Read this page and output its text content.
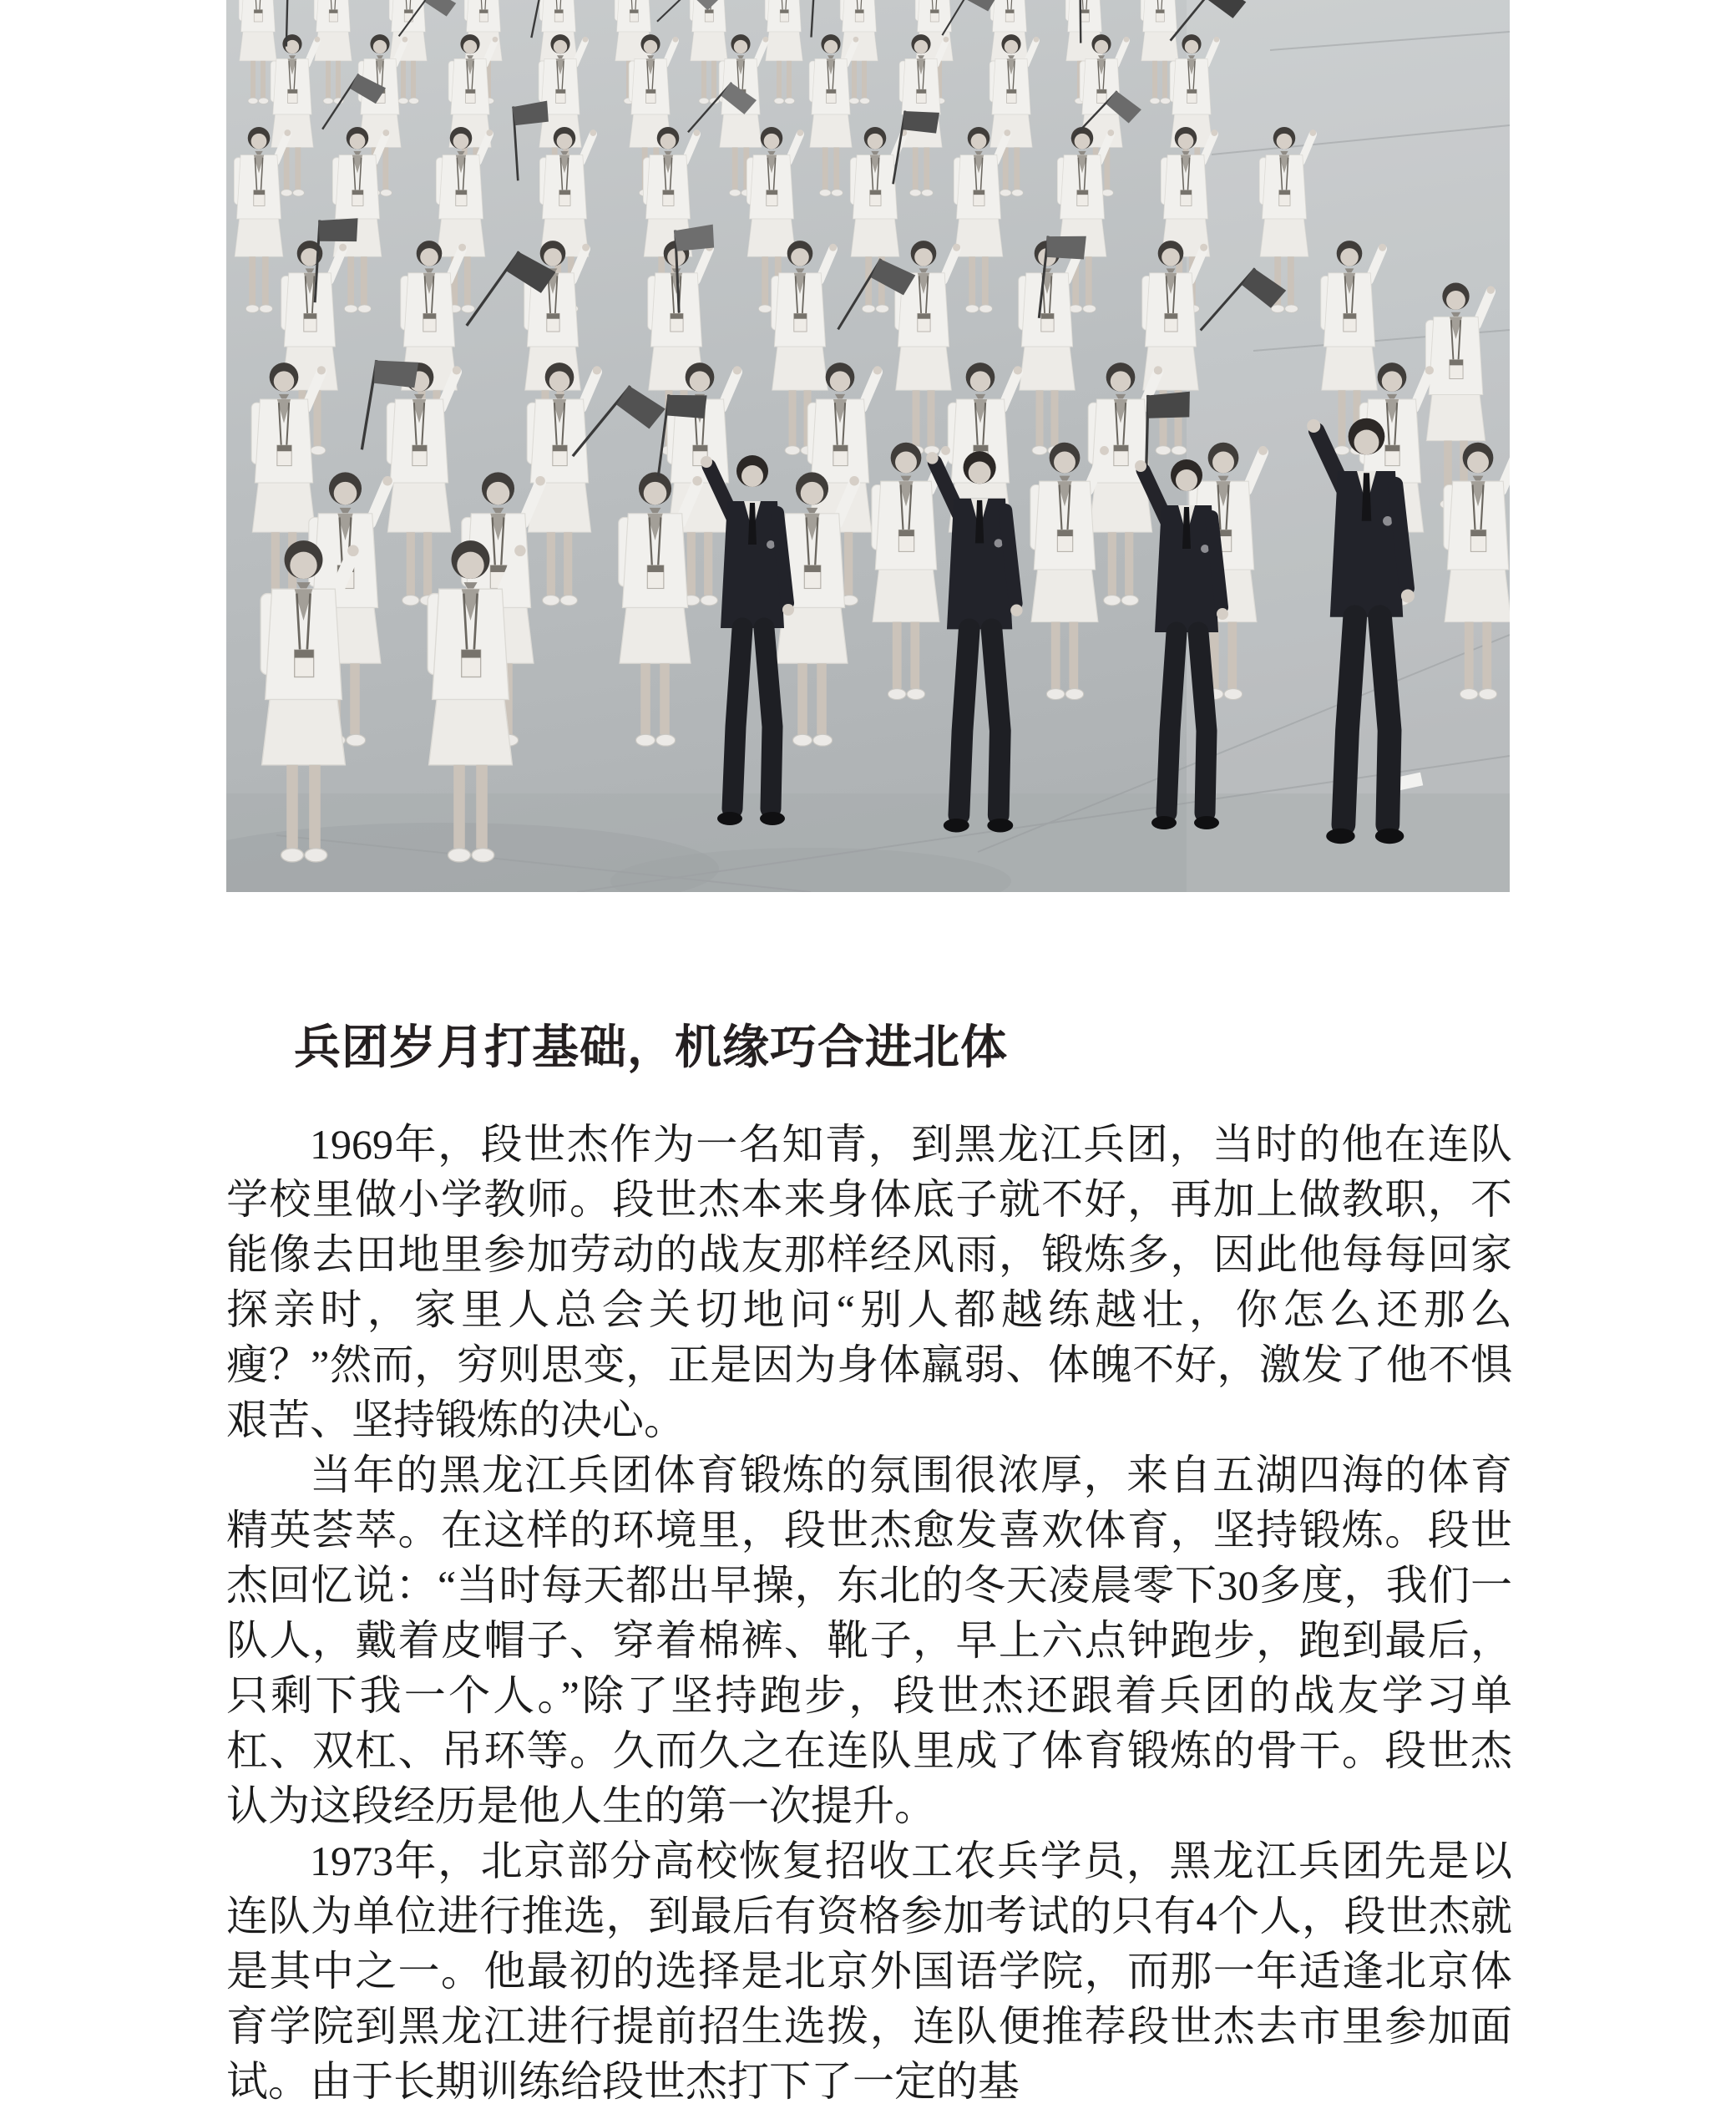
兵团岁月打基础，机缘巧合进北体

1969年，段世杰作为一名知青，到黑龙江兵团，当时的他在连队学校里做小学教师。段世杰本来身体底子就不好，再加上做教职，不能像去田地里参加劳动的战友那样经风雨，锻炼多，因此他每每回家探亲时，家里人总会关切地问“别人都越练越壮，你怎么还那么瘦？”然而，穷则思变，正是因为身体羸弱、体魄不好，激发了他不惧艰苦、坚持锻炼的决心。

当年的黑龙江兵团体育锻炼的氛围很浓厚，来自五湖四海的体育精英荟萃。在这样的环境里，段世杰愈发喜欢体育，坚持锻炼。段世杰回忆说：“当时每天都出早操，东北的冬天凌晨零下30多度，我们一队人，戴着皮帽子、穿着棉裤、靴子，早上六点钟跑步，跑到最后，只剩下我一个人。”除了坚持跑步，段世杰还跟着兵团的战友学习单杠、双杠、吊环等。久而久之在连队里成了体育锻炼的骨干。段世杰认为这段经历是他人生的第一次提升。

1973年，北京部分高校恢复招收工农兵学员，黑龙江兵团先是以连队为单位进行推选，到最后有资格参加考试的只有4个人，段世杰就是其中之一。他最初的选择是北京外国语学院，而那一年适逢北京体育学院到黑龙江进行提前招生选拨，连队便推荐段世杰去市里参加面试。由于长期训练给段世杰打下了一定的基
